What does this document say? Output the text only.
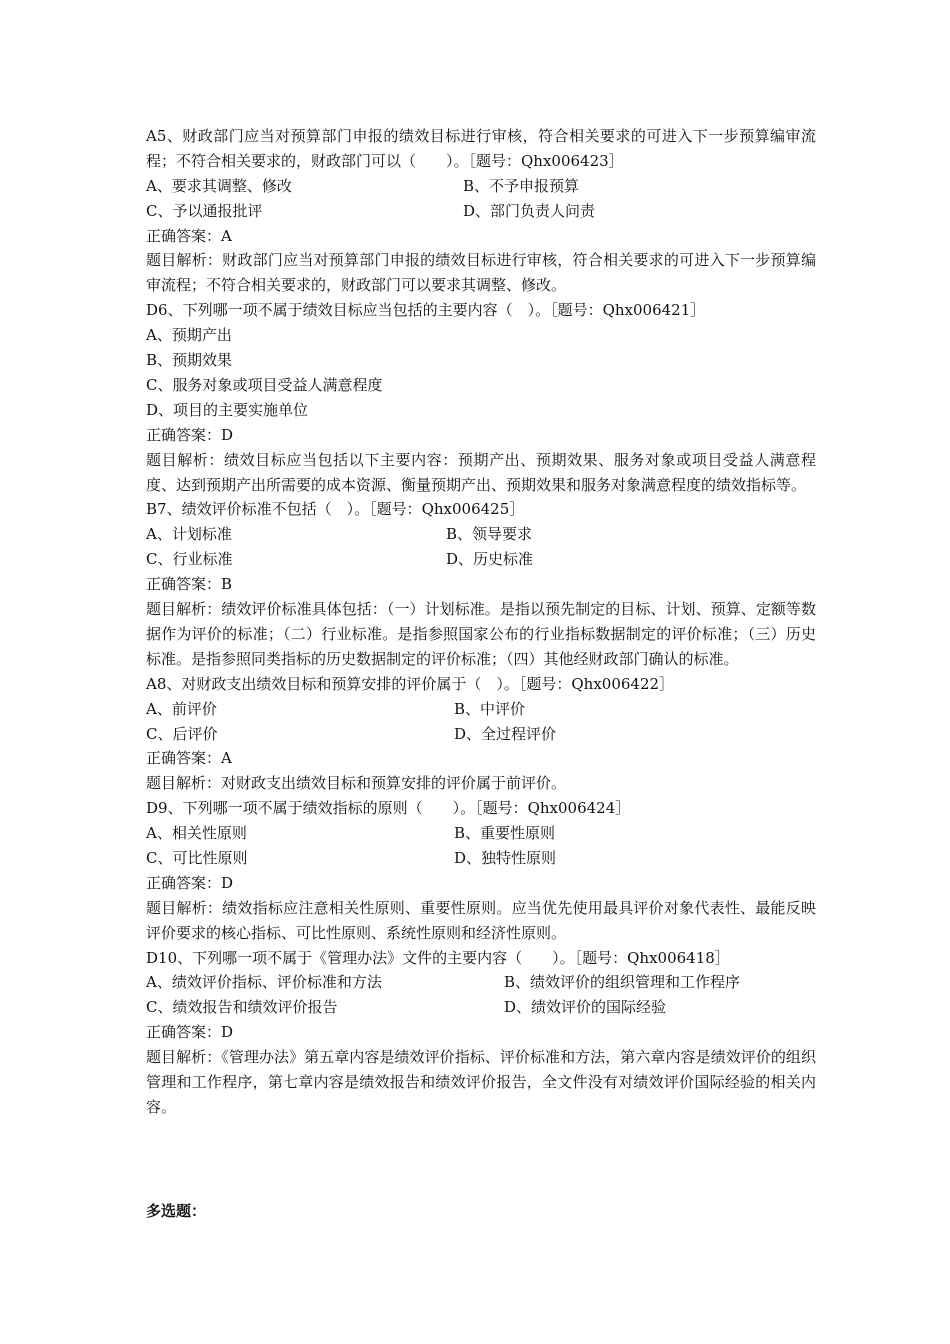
A5、财政部门应当对预算部门申报的绩效目标进行审核，符合相关要求的可进入下一步预算编审流程；不符合相关要求的，财政部门可以（　　）。［题号：Qhx006423］
A、要求其调整、修改	B、不予申报预算
C、予以通报批评	D、部门负责人问责
正确答案：A
题目解析：财政部门应当对预算部门申报的绩效目标进行审核，符合相关要求的可进入下一步预算编审流程；不符合相关要求的，财政部门可以要求其调整、修改。
D6、下列哪一项不属于绩效目标应当包括的主要内容（　）。［题号：Qhx006421］
A、预期产出
B、预期效果
C、服务对象或项目受益人满意程度
D、项目的主要实施单位
正确答案：D
题目解析：绩效目标应当包括以下主要内容：预期产出、预期效果、服务对象或项目受益人满意程度、达到预期产出所需要的成本资源、衡量预期产出、预期效果和服务对象满意程度的绩效指标等。
B7、绩效评价标准不包括（　）。［题号：Qhx006425］
A、计划标准	B、领导要求
C、行业标准	D、历史标准
正确答案：B
题目解析：绩效评价标准具体包括：（一）计划标准。是指以预先制定的目标、计划、预算、定额等数据作为评价的标准；（二）行业标准。是指参照国家公布的行业指标数据制定的评价标准；（三）历史标准。是指参照同类指标的历史数据制定的评价标准；（四）其他经财政部门确认的标准。
A8、对财政支出绩效目标和预算安排的评价属于（　）。［题号：Qhx006422］
A、前评价	B、中评价
C、后评价	D、全过程评价
正确答案：A
题目解析：对财政支出绩效目标和预算安排的评价属于前评价。
D9、下列哪一项不属于绩效指标的原则（　　）。［题号：Qhx006424］
A、相关性原则	B、重要性原则
C、可比性原则	D、独特性原则
正确答案：D
题目解析：绩效指标应注意相关性原则、重要性原则。应当优先使用最具评价对象代表性、最能反映评价要求的核心指标、可比性原则、系统性原则和经济性原则。
D10、下列哪一项不属于《管理办法》文件的主要内容（　　）。［题号：Qhx006418］
A、绩效评价指标、评价标准和方法	B、绩效评价的组织管理和工作程序
C、绩效报告和绩效评价报告	D、绩效评价的国际经验
正确答案：D
题目解析：《管理办法》第五章内容是绩效评价指标、评价标准和方法，第六章内容是绩效评价的组织管理和工作程序，第七章内容是绩效报告和绩效评价报告，全文件没有对绩效评价国际经验的相关内容。
多选题：
